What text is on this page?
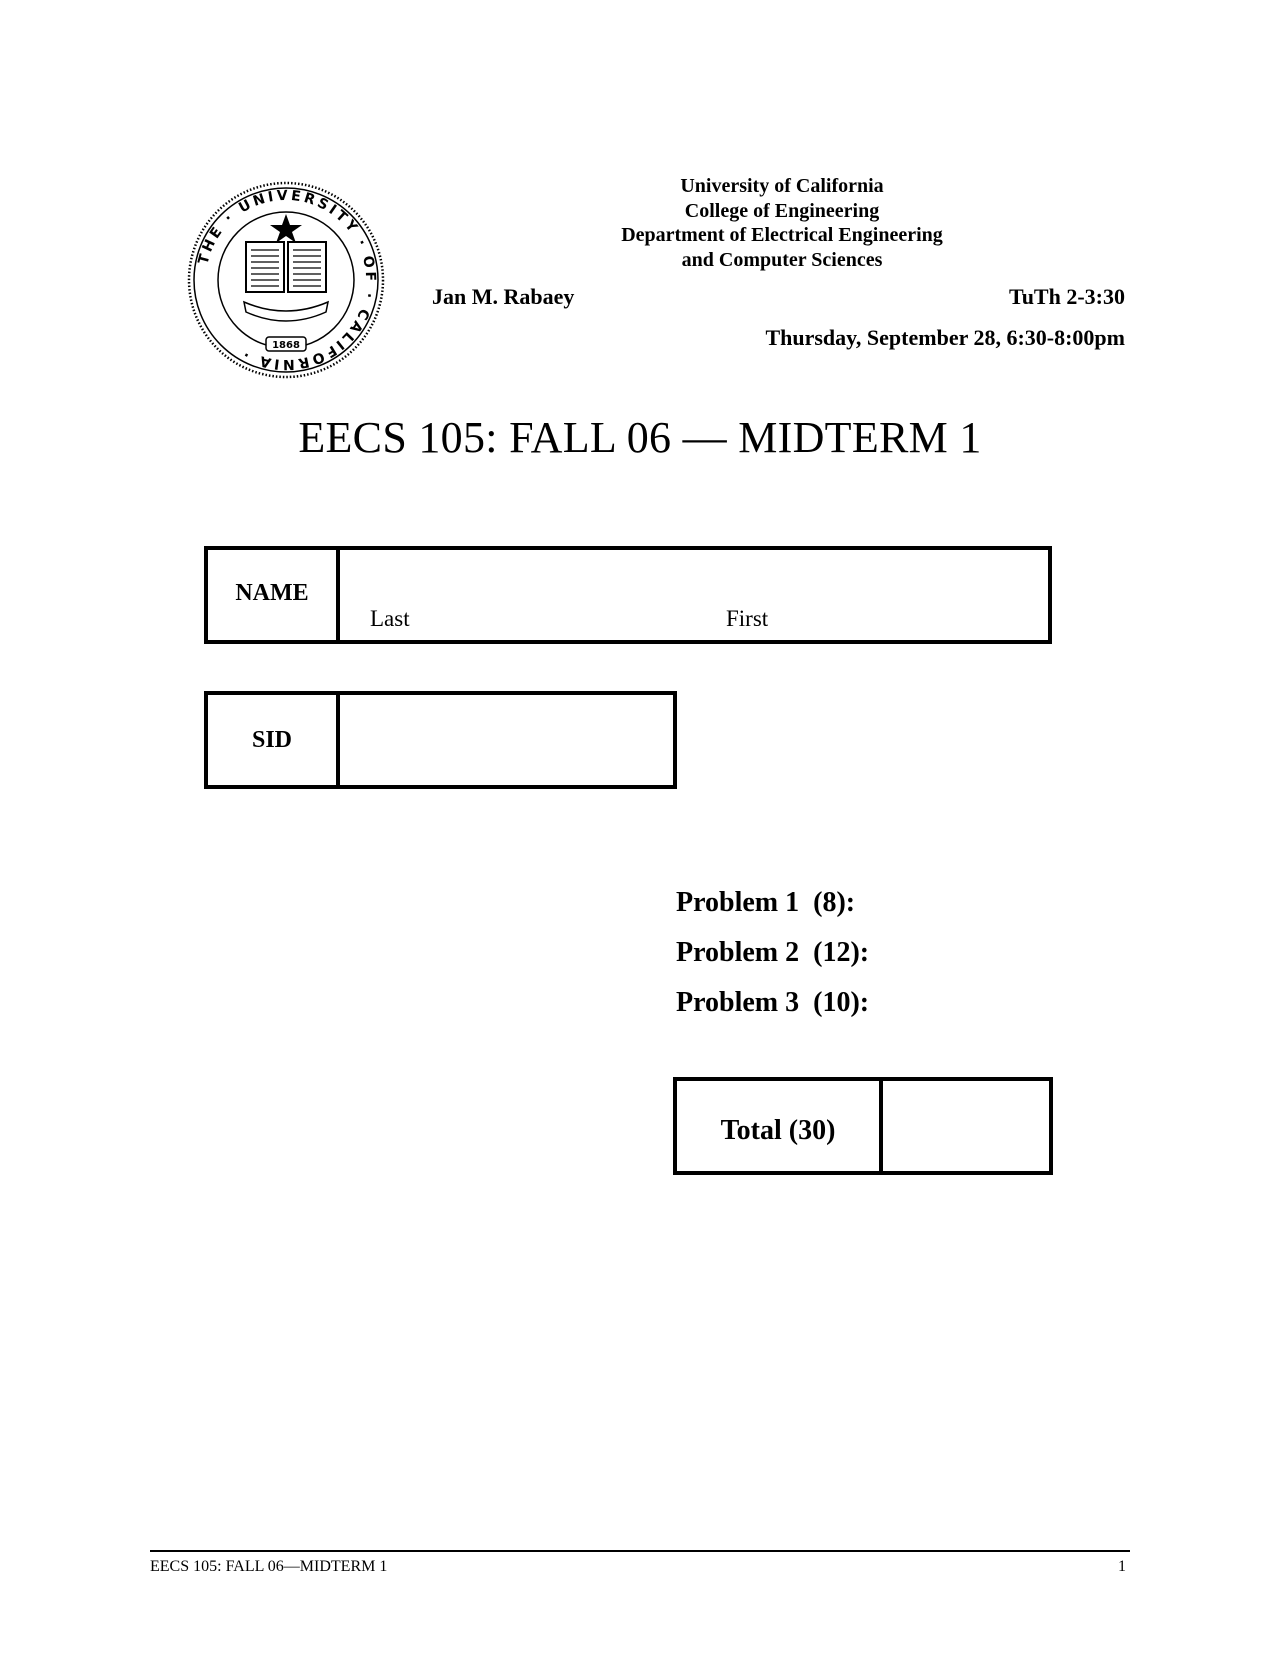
THE · UNIVERSITY · OF · CALIFORNIA ·	1868
University of California
College of Engineering
Department of Electrical Engineering
and Computer Sciences
Jan M. Rabaey	TuTh 2-3:30
Thursday, September 28, 6:30-8:00pm
EECS 105: FALL 06 — MIDTERM 1
NAME
Last	First
SID
Problem 1  (8):
Problem 2  (12):
Problem 3  (10):
Total (30)
EECS 105: FALL 06—MIDTERM 1	1
